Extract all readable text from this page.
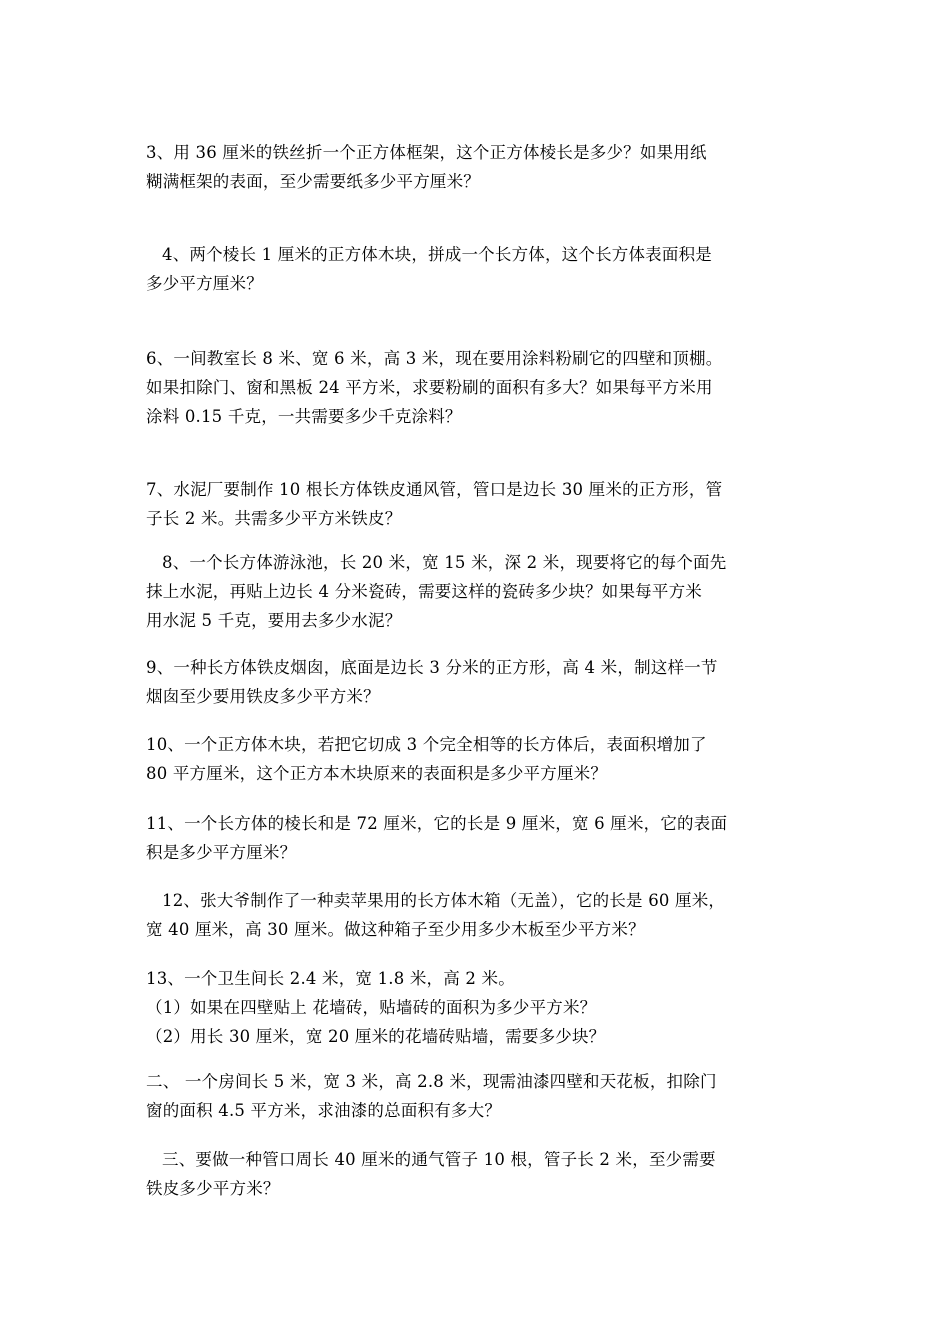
3、用 36 厘米的铁丝折一个正方体框架，这个正方体棱长是多少？如果用纸
糊满框架的表面，至少需要纸多少平方厘米？
4、两个棱长 1 厘米的正方体木块，拼成一个长方体，这个长方体表面积是
多少平方厘米？
6、一间教室长 8 米、宽 6 米，高 3 米，现在要用涂料粉刷它的四壁和顶棚。
如果扣除门、窗和黑板 24 平方米，求要粉刷的面积有多大？如果每平方米用
涂料 0.15 千克，一共需要多少千克涂料？
7、水泥厂要制作 10 根长方体铁皮通风管，管口是边长 30 厘米的正方形，管
子长 2 米。共需多少平方米铁皮？
8、一个长方体游泳池，长 20 米，宽 15 米，深 2 米，现要将它的每个面先
抹上水泥，再贴上边长 4 分米瓷砖，需要这样的瓷砖多少块？如果每平方米
用水泥 5 千克，要用去多少水泥？
9、一种长方体铁皮烟囱，底面是边长 3 分米的正方形，高 4 米，制这样一节
烟囱至少要用铁皮多少平方米？
10、一个正方体木块，若把它切成 3 个完全相等的长方体后，表面积增加了
80 平方厘米，这个正方本木块原来的表面积是多少平方厘米？
11、一个长方体的棱长和是 72 厘米，它的长是 9 厘米，宽 6 厘米，它的表面
积是多少平方厘米？
12、张大爷制作了一种卖苹果用的长方体木箱（无盖），它的长是 60 厘米，
宽 40 厘米，高 30 厘米。做这种箱子至少用多少木板至少平方米？
13、一个卫生间长 2.4 米，宽 1.8 米，高 2 米。
（1）如果在四壁贴上 花墙砖，贴墙砖的面积为多少平方米？
（2）用长 30 厘米，宽 20 厘米的花墙砖贴墙，需要多少块？
二、 一个房间长 5 米，宽 3 米，高 2.8 米，现需油漆四壁和天花板，扣除门
窗的面积 4.5 平方米，求油漆的总面积有多大？
三、要做一种管口周长 40 厘米的通气管子 10 根，管子长 2 米，至少需要
铁皮多少平方米？
